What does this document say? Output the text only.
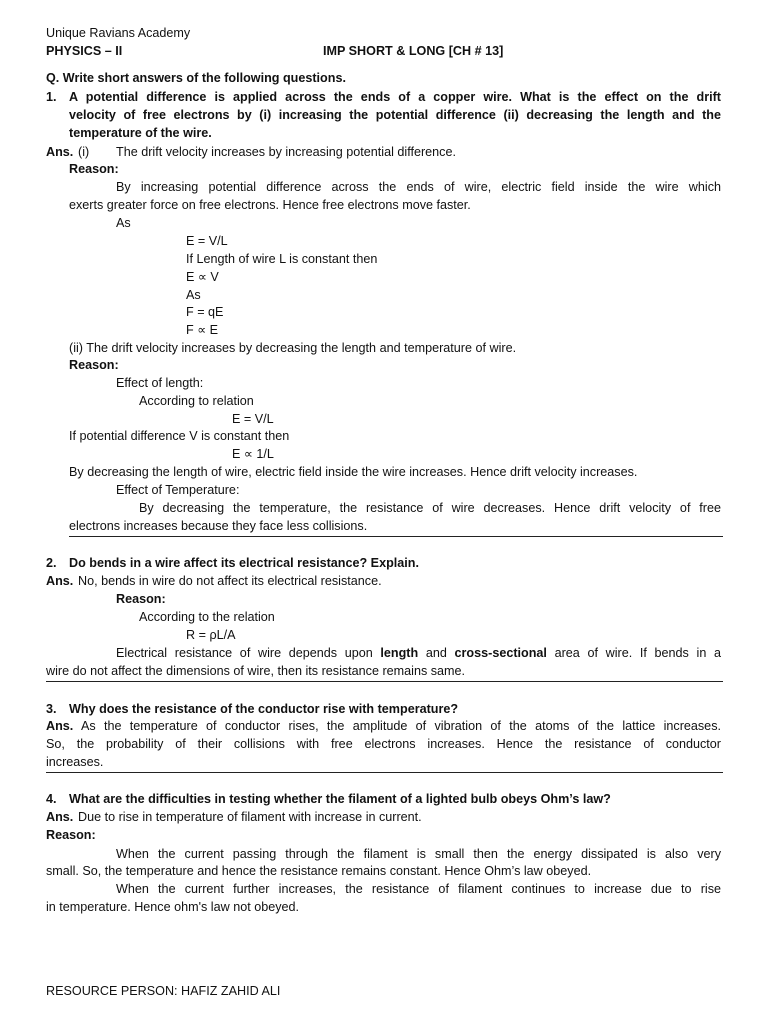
Unique Ravians Academy
PHYSICS – II	IMP SHORT & LONG [CH # 13]
Q. Write short answers of the following questions.
1. A potential difference is applied across the ends of a copper wire. What is the effect on the drift
velocity of free electrons by (i) increasing the potential difference (ii) decreasing the length and the
temperature of the wire.
Ans. (i) The drift velocity increases by increasing potential difference.
Reason:
By increasing potential difference across the ends of wire, electric field inside the wire which
exerts greater force on free electrons. Hence free electrons move faster.
As
E = V/L
If Length of wire L is constant then
E ∝ V
As
F = qE
F ∝ E
(ii) The drift velocity increases by decreasing the length and temperature of wire.
Reason:
Effect of length:
According to relation
E = V/L
If potential difference V is constant then
E ∝ 1/L
By decreasing the length of wire, electric field inside the wire increases. Hence drift velocity increases.
Effect of Temperature:
By decreasing the temperature, the resistance of wire decreases. Hence drift velocity of free
electrons increases because they face less collisions.
2. Do bends in a wire affect its electrical resistance? Explain.
Ans. No, bends in wire do not affect its electrical resistance.
Reason:
According to the relation
R = ρL/A
Electrical resistance of wire depends upon length and cross-sectional area of wire. If bends in a
wire do not affect the dimensions of wire, then its resistance remains same.
3. Why does the resistance of the conductor rise with temperature?
Ans. As the temperature of conductor rises, the amplitude of vibration of the atoms of the lattice increases.
So, the probability of their collisions with free electrons increases. Hence the resistance of conductor
increases.
4. What are the difficulties in testing whether the filament of a lighted bulb obeys Ohm’s law?
Ans. Due to rise in temperature of filament with increase in current.
Reason:
When the current passing through the filament is small then the energy dissipated is also very
small. So, the temperature and hence the resistance remains constant. Hence Ohm’s law obeyed.
When the current further increases, the resistance of filament continues to increase due to rise
in temperature. Hence ohm's law not obeyed.
RESOURCE PERSON: HAFIZ ZAHID ALI
